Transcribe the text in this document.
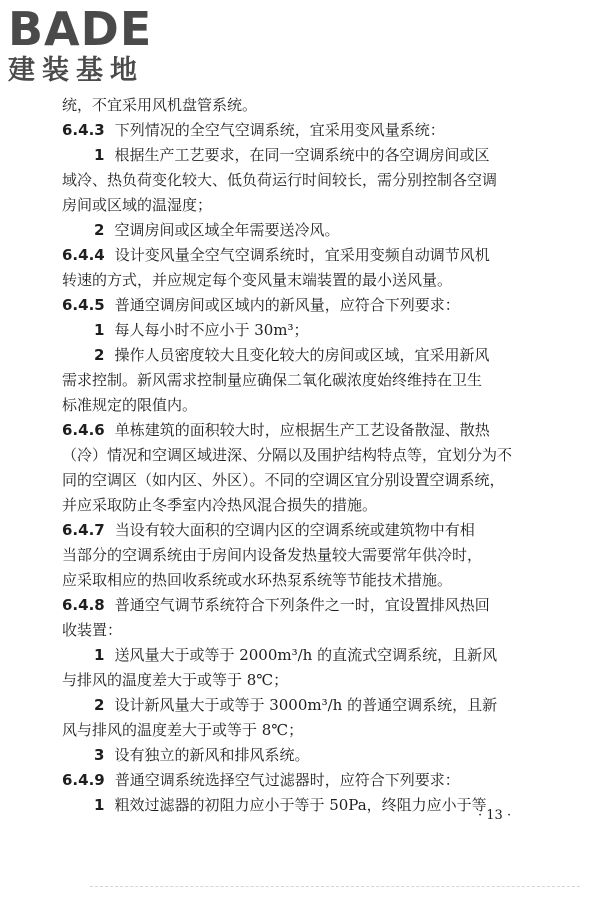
BADE
建装基地
统，不宜采用风机盘管系统。
6.4.3 下列情况的全空气空调系统，宜采用变风量系统：
1 根据生产工艺要求，在同一空调系统中的各空调房间或区
域冷、热负荷变化较大、低负荷运行时间较长，需分别控制各空调
房间或区域的温湿度；
2 空调房间或区域全年需要送冷风。
6.4.4 设计变风量全空气空调系统时，宜采用变频自动调节风机
转速的方式，并应规定每个变风量末端装置的最小送风量。
6.4.5 普通空调房间或区域内的新风量，应符合下列要求：
1 每人每小时不应小于 30m³；
2 操作人员密度较大且变化较大的房间或区域，宜采用新风
需求控制。新风需求控制量应确保二氧化碳浓度始终维持在卫生
标准规定的限值内。
6.4.6 单栋建筑的面积较大时，应根据生产工艺设备散湿、散热
（冷）情况和空调区域进深、分隔以及围护结构特点等，宜划分为不
同的空调区（如内区、外区）。不同的空调区宜分别设置空调系统，
并应采取防止冬季室内冷热风混合损失的措施。
6.4.7 当设有较大面积的空调内区的空调系统或建筑物中有相
当部分的空调系统由于房间内设备发热量较大需要常年供冷时，
应采取相应的热回收系统或水环热泵系统等节能技术措施。
6.4.8 普通空气调节系统符合下列条件之一时，宜设置排风热回
收装置：
1 送风量大于或等于 2000m³/h 的直流式空调系统，且新风
与排风的温度差大于或等于 8℃；
2 设计新风量大于或等于 3000m³/h 的普通空调系统，且新
风与排风的温度差大于或等于 8℃；
3 设有独立的新风和排风系统。
6.4.9 普通空调系统选择空气过滤器时，应符合下列要求：
1 粗效过滤器的初阻力应小于等于 50Pa，终阻力应小于等
· 13 ·
